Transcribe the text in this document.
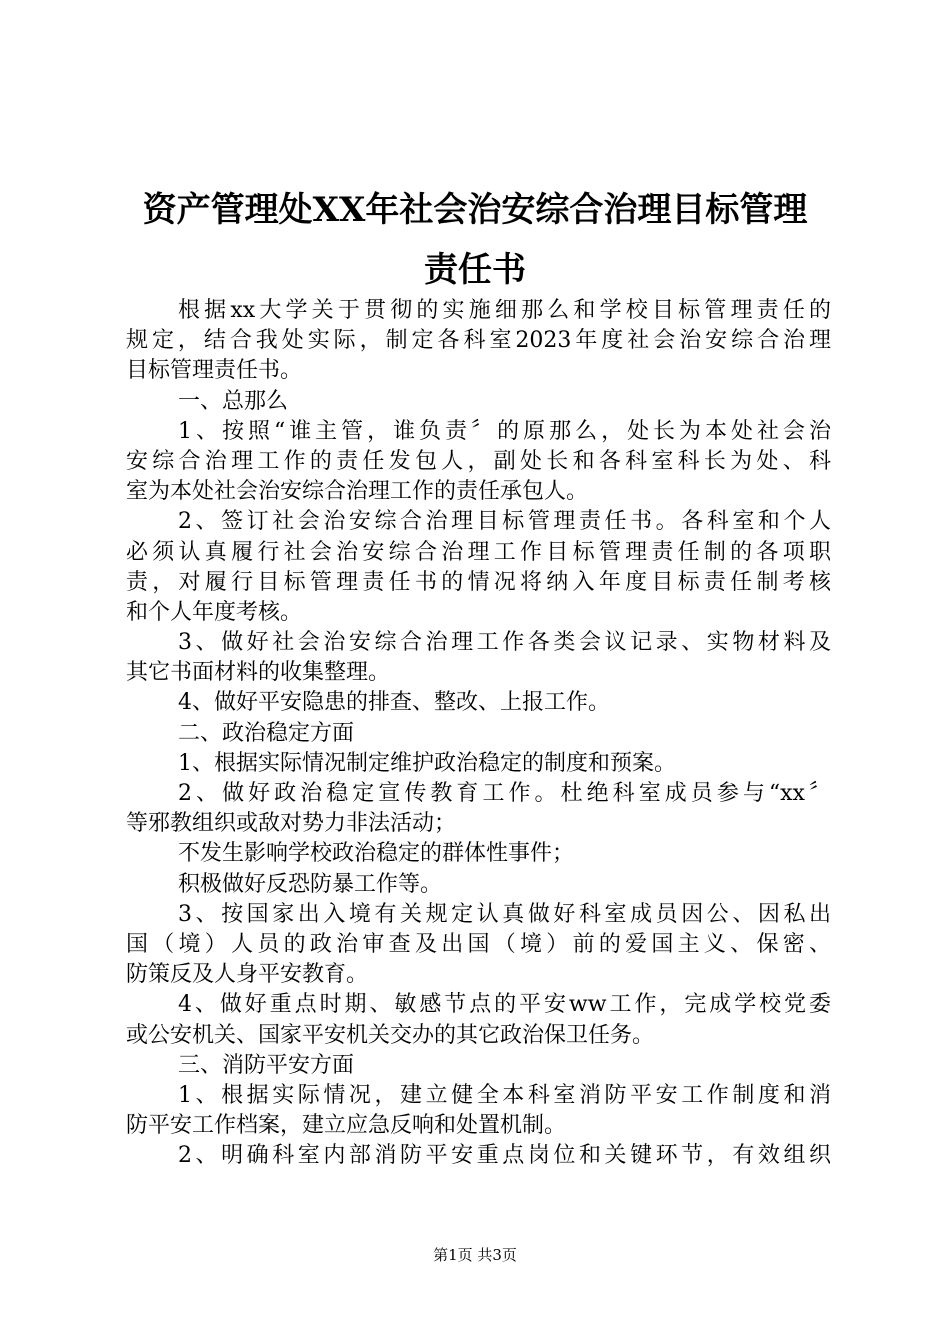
资产管理处XX年社会治安综合治理目标管理
责任书
根据xx大学关于贯彻的实施细那么和学校目标管理责任的
规定，结合我处实际，制定各科室2023年度社会治安综合治理
目标管理责任书。
一、总那么
1、按照“谁主管，谁负责〞的原那么，处长为本处社会治
安综合治理工作的责任发包人，副处长和各科室科长为处、科
室为本处社会治安综合治理工作的责任承包人。
2、签订社会治安综合治理目标管理责任书。各科室和个人
必须认真履行社会治安综合治理工作目标管理责任制的各项职
责，对履行目标管理责任书的情况将纳入年度目标责任制考核
和个人年度考核。
3、做好社会治安综合治理工作各类会议记录、实物材料及
其它书面材料的收集整理。
4、做好平安隐患的排查、整改、上报工作。
二、政治稳定方面
1、根据实际情况制定维护政治稳定的制度和预案。
2、做好政治稳定宣传教育工作。杜绝科室成员参与“xx〞
等邪教组织或敌对势力非法活动；
不发生影响学校政治稳定的群体性事件；
积极做好反恐防暴工作等。
3、按国家出入境有关规定认真做好科室成员因公、因私出
国（境）人员的政治审查及出国（境）前的爱国主义、保密、
防策反及人身平安教育。
4、做好重点时期、敏感节点的平安ww工作，完成学校党委
或公安机关、国家平安机关交办的其它政治保卫任务。
三、消防平安方面
1、根据实际情况，建立健全本科室消防平安工作制度和消
防平安工作档案，建立应急反响和处置机制。
2、明确科室内部消防平安重点岗位和关键环节，有效组织
第1页 共3页
